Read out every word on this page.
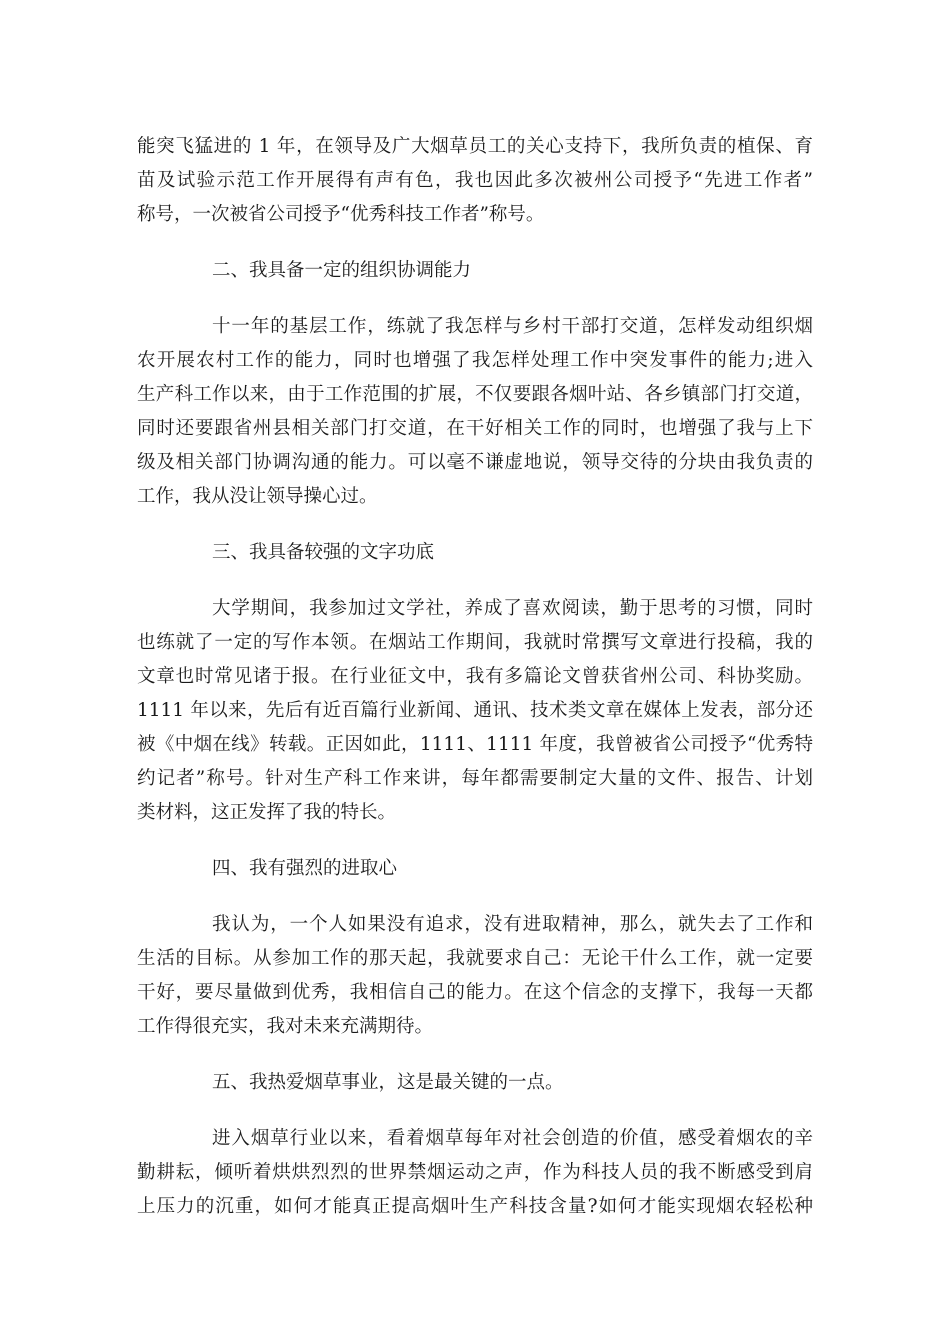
能突飞猛进的 1 年，在领导及广大烟草员工的关心支持下，我所负责的植保、育
苗及试验示范工作开展得有声有色，我也因此多次被州公司授予“先进工作者”
称号，一次被省公司授予“优秀科技工作者”称号。
二、我具备一定的组织协调能力
十一年的基层工作，练就了我怎样与乡村干部打交道，怎样发动组织烟
农开展农村工作的能力，同时也增强了我怎样处理工作中突发事件的能力;进入
生产科工作以来，由于工作范围的扩展，不仅要跟各烟叶站、各乡镇部门打交道，
同时还要跟省州县相关部门打交道，在干好相关工作的同时，也增强了我与上下
级及相关部门协调沟通的能力。可以毫不谦虚地说，领导交待的分块由我负责的
工作，我从没让领导操心过。
三、我具备较强的文字功底
大学期间，我参加过文学社，养成了喜欢阅读，勤于思考的习惯，同时
也练就了一定的写作本领。在烟站工作期间，我就时常撰写文章进行投稿，我的
文章也时常见诸于报。在行业征文中，我有多篇论文曾获省州公司、科协奖励。
1111 年以来，先后有近百篇行业新闻、通讯、技术类文章在媒体上发表，部分还
被《中烟在线》转载。正因如此，1111、1111 年度，我曾被省公司授予“优秀特
约记者”称号。针对生产科工作来讲，每年都需要制定大量的文件、报告、计划
类材料，这正发挥了我的特长。
四、我有强烈的进取心
我认为，一个人如果没有追求，没有进取精神，那么，就失去了工作和
生活的目标。从参加工作的那天起，我就要求自己：无论干什么工作，就一定要
干好，要尽量做到优秀，我相信自己的能力。在这个信念的支撑下，我每一天都
工作得很充实，我对未来充满期待。
五、我热爱烟草事业，这是最关键的一点。
进入烟草行业以来，看着烟草每年对社会创造的价值，感受着烟农的辛
勤耕耘，倾听着烘烘烈烈的世界禁烟运动之声，作为科技人员的我不断感受到肩
上压力的沉重，如何才能真正提高烟叶生产科技含量?如何才能实现烟农轻松种
